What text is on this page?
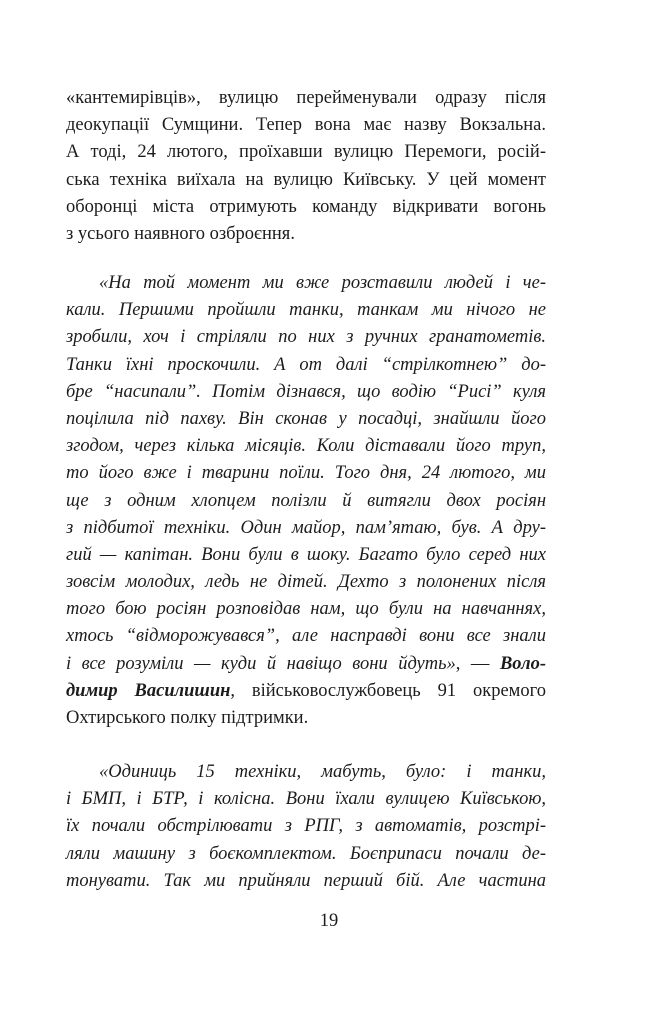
«кантемирівців», вулицю перейменували одразу після
деокупації Сумщини. Тепер вона має назву Вокзальна.
А тоді, 24 лютого, проїхавши вулицю Перемоги, росій-
ська техніка виїхала на вулицю Київську. У цей момент
оборонці міста отримують команду відкривати вогонь
з усього наявного озброєння.
«На той момент ми вже розставили людей і че-
кали. Першими пройшли танки, танкам ми нічого не
зробили, хоч і стріляли по них з ручних гранатометів.
Танки їхні проскочили. А от далі “стрілкотнею” до-
бре “насипали”. Потім дізнався, що водію “Рисі” куля
поцілила під пахву. Він сконав у посадці, знайшли його
згодом, через кілька місяців. Коли діставали його труп,
то його вже і тварини поїли. Того дня, 24 лютого, ми
ще з одним хлопцем полізли й витягли двох росіян
з підбитої техніки. Один майор, пам’ятаю, був. А дру-
гий — капітан. Вони були в шоку. Багато було серед них
зовсім молодих, ледь не дітей. Дехто з полонених після
того бою росіян розповідав нам, що були на навчаннях,
хтось “відморожувався”, але насправді вони все знали
і все розуміли — куди й навіщо вони йдуть», — Воло-
димир Василишин, військовослужбовець 91 окремого
Охтирського полку підтримки.
«Одиниць 15 техніки, мабуть, було: і танки,
і БМП, і БТР, і колісна. Вони їхали вулицею Київською,
їх почали обстрілювати з РПГ, з автоматів, розстрі-
ляли машину з боєкомплектом. Боєприпаси почали де-
тонувати. Так ми прийняли перший бій. Але частина
19
